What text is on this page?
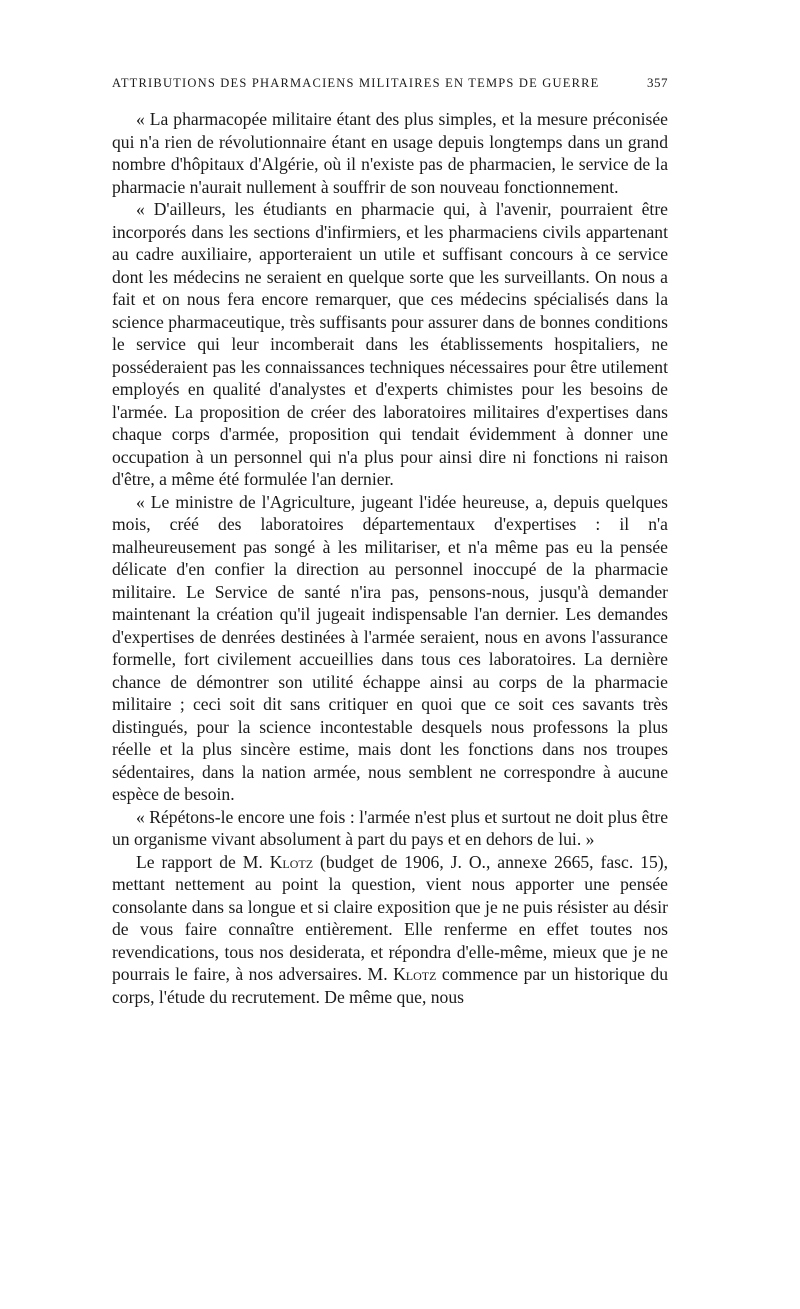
ATTRIBUTIONS DES PHARMACIENS MILITAIRES EN TEMPS DE GUERRE	357

« La pharmacopée militaire étant des plus simples, et la mesure préconisée qui n'a rien de révolutionnaire étant en usage depuis longtemps dans un grand nombre d'hôpitaux d'Algérie, où il n'existe pas de pharmacien, le service de la pharmacie n'aurait nullement à souffrir de son nouveau fonctionnement.

« D'ailleurs, les étudiants en pharmacie qui, à l'avenir, pourraient être incorporés dans les sections d'infirmiers, et les pharmaciens civils appartenant au cadre auxiliaire, apporteraient un utile et suffisant concours à ce service dont les médecins ne seraient en quelque sorte que les surveillants. On nous a fait et on nous fera encore remarquer, que ces médecins spécialisés dans la science pharmaceutique, très suffisants pour assurer dans de bonnes conditions le service qui leur incomberait dans les établissements hospitaliers, ne posséderaient pas les connaissances techniques nécessaires pour être utilement employés en qualité d'analystes et d'experts chimistes pour les besoins de l'armée. La proposition de créer des laboratoires militaires d'expertises dans chaque corps d'armée, proposition qui tendait évidemment à donner une occupation à un personnel qui n'a plus pour ainsi dire ni fonctions ni raison d'être, a même été formulée l'an dernier.

« Le ministre de l'Agriculture, jugeant l'idée heureuse, a, depuis quelques mois, créé des laboratoires départementaux d'expertises : il n'a malheureusement pas songé à les militariser, et n'a même pas eu la pensée délicate d'en confier la direction au personnel inoccupé de la pharmacie militaire. Le Service de santé n'ira pas, pensons-nous, jusqu'à demander maintenant la création qu'il jugeait indispensable l'an dernier. Les demandes d'expertises de denrées destinées à l'armée seraient, nous en avons l'assurance formelle, fort civilement accueillies dans tous ces laboratoires. La dernière chance de démontrer son utilité échappe ainsi au corps de la pharmacie militaire ; ceci soit dit sans critiquer en quoi que ce soit ces savants très distingués, pour la science incontestable desquels nous professons la plus réelle et la plus sincère estime, mais dont les fonctions dans nos troupes sédentaires, dans la nation armée, nous semblent ne correspondre à aucune espèce de besoin.

« Répétons-le encore une fois : l'armée n'est plus et surtout ne doit plus être un organisme vivant absolument à part du pays et en dehors de lui. »

Le rapport de M. Klotz (budget de 1906, J. O., annexe 2665, fasc. 15), mettant nettement au point la question, vient nous apporter une pensée consolante dans sa longue et si claire exposition que je ne puis résister au désir de vous faire connaître entièrement. Elle renferme en effet toutes nos revendications, tous nos desiderata, et répondra d'elle-même, mieux que je ne pourrais le faire, à nos adversaires. M. Klotz commence par un historique du corps, l'étude du recrutement. De même que, nous
